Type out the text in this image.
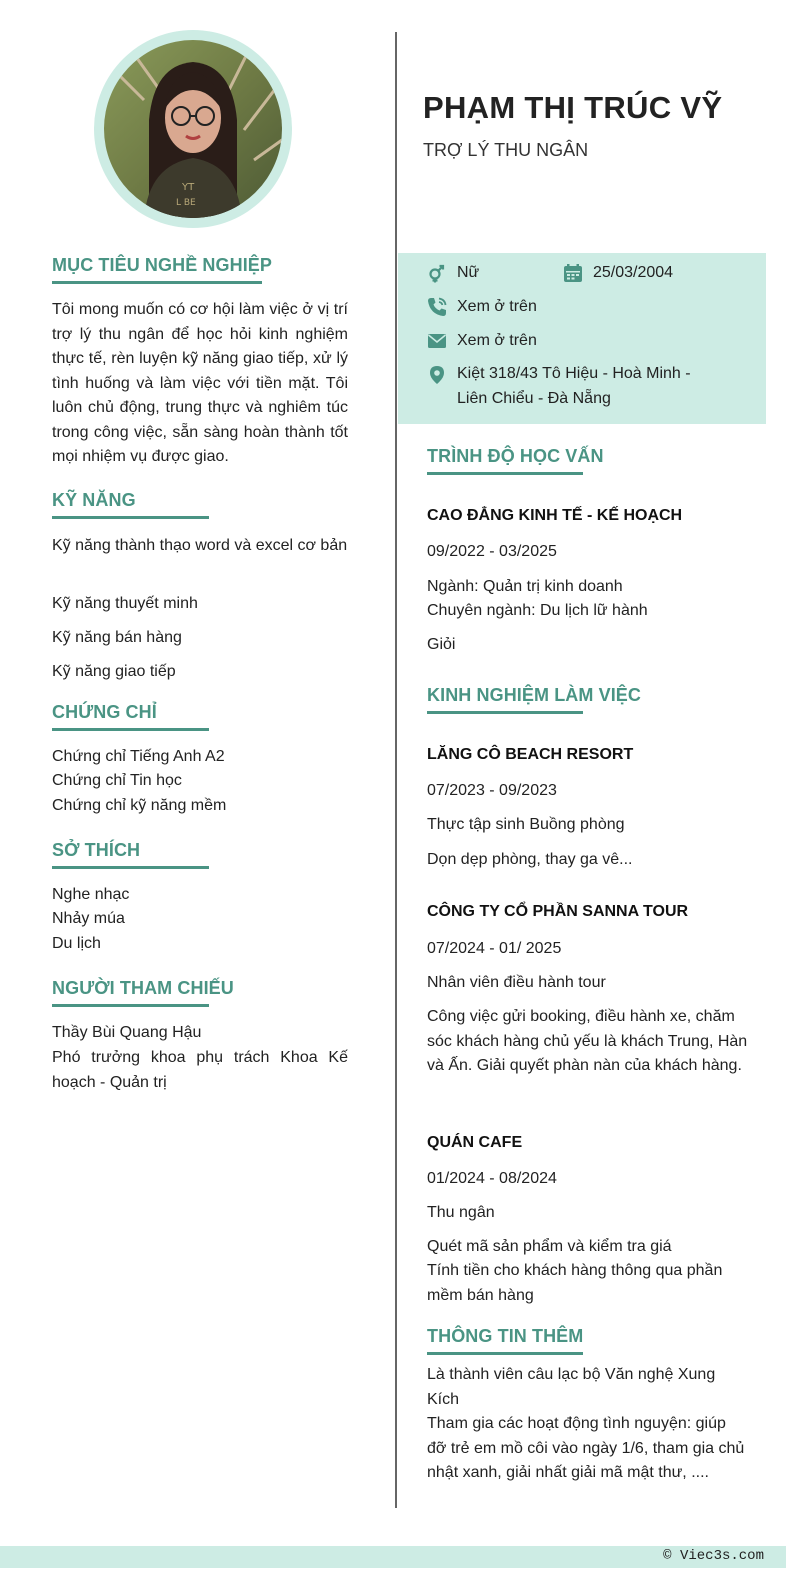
YT
L BE
MỤC TIÊU NGHỀ NGHIỆP
Tôi mong muốn có cơ hội làm việc ở vị trí trợ lý thu ngân để học hỏi kinh nghiệm thực tế, rèn luyện kỹ năng giao tiếp, xử lý tình huống và làm việc với tiền mặt. Tôi luôn chủ động, trung thực và nghiêm túc trong công việc, sẵn sàng hoàn thành tốt mọi nhiệm vụ được giao.
KỸ NĂNG
Kỹ năng thành thạo word và excel cơ bản
Kỹ năng thuyết minh
Kỹ năng bán hàng
Kỹ năng giao tiếp
CHỨNG CHỈ
Chứng chỉ Tiếng Anh A2
Chứng chỉ Tin học
Chứng chỉ kỹ năng mềm
SỞ THÍCH
Nghe nhạc
Nhảy múa
Du lịch
NGƯỜI THAM CHIẾU
Thầy Bùi Quang Hậu
Phó trưởng khoa phụ trách Khoa Kế hoạch - Quản trị
PHẠM THỊ TRÚC VỸ
TRỢ LÝ THU NGÂN
Nữ	25/03/2004
Xem ở trên
Xem ở trên
Kiệt 318/43 Tô Hiệu - Hoà Minh -
Liên Chiểu - Đà Nẵng
TRÌNH ĐỘ HỌC VẤN
CAO ĐẲNG KINH TẾ - KẾ HOẠCH
09/2022 - 03/2025
Ngành: Quản trị kinh doanh
Chuyên ngành: Du lịch lữ hành
Giỏi
KINH NGHIỆM LÀM VIỆC
LĂNG CÔ BEACH RESORT
07/2023 - 09/2023
Thực tập sinh Buồng phòng
Dọn dẹp phòng, thay ga vê...
CÔNG TY CỔ PHẦN SANNA TOUR
07/2024 - 01/ 2025
Nhân viên điều hành tour
Công việc gửi booking, điều hành xe, chăm sóc khách hàng chủ yếu là khách Trung, Hàn và Ấn. Giải quyết phàn nàn của khách hàng.
QUÁN CAFE
01/2024 - 08/2024
Thu ngân
Quét mã sản phẩm và kiểm tra giá
Tính tiền cho khách hàng thông qua phần mềm bán hàng
THÔNG TIN THÊM
Là thành viên câu lạc bộ Văn nghệ Xung Kích
Tham gia các hoạt động tình nguyện: giúp đỡ trẻ em mồ côi vào ngày 1/6, tham gia chủ nhật xanh, giải nhất giải mã mật thư, ....
© Viec3s.com
